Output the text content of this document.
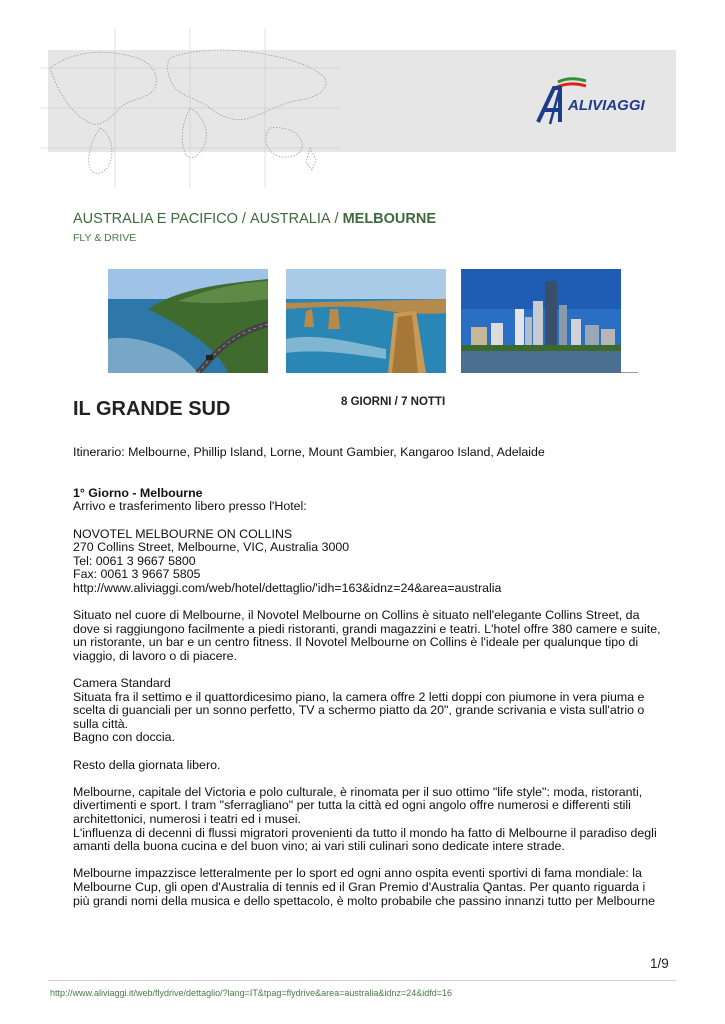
ALIVIAGGI
AUSTRALIA E PACIFICO / AUSTRALIA / MELBOURNE
FLY & DRIVE
IL GRANDE SUD	8 GIORNI / 7 NOTTI

Itinerario: Melbourne, Phillip Island, Lorne, Mount Gambier, Kangaroo Island, Adelaide

1° Giorno - Melbourne

Arrivo e trasferimento libero presso l'Hotel:

NOVOTEL MELBOURNE ON COLLINS
270 Collins Street, Melbourne, VIC, Australia 3000
Tel: 0061 3 9667 5800
Fax: 0061 3 9667 5805

http://www.aliviaggi.com/web/hotel/dettaglio/'idh=163&idnz=24&area=australia

Situato nel cuore di Melbourne, il Novotel Melbourne on Collins è situato nell'elegante Collins Street, da dove si raggiungono facilmente a piedi ristoranti, grandi magazzini e teatri. L'hotel offre 380 camere e suite, un ristorante, un bar e un centro fitness. Il Novotel Melbourne on Collins è l'ideale per qualunque tipo di viaggio, di lavoro o di piacere.

Camera Standard
Situata fra il settimo e il quattordicesimo piano, la camera offre 2 letti doppi con piumone in vera piuma e scelta di guanciali per un sonno perfetto, TV a schermo piatto da 20", grande scrivania e vista sull'atrio o sulla città.

Bagno con doccia.

Resto della giornata libero.

Melbourne, capitale del Victoria e polo culturale, è rinomata per il suo ottimo "life style": moda, ristoranti, divertimenti e sport. I tram "sferragliano" per tutta la città ed ogni angolo offre numerosi e differenti stili architettonici, numerosi i teatri ed i musei.

L'influenza di decenni di flussi migratori provenienti da tutto il mondo ha fatto di Melbourne il paradiso degli amanti della buona cucina e del buon vino; ai vari stili culinari sono dedicate intere strade.

Melbourne impazzisce letteralmente per lo sport ed ogni anno ospita eventi sportivi di fama mondiale: la Melbourne Cup, gli open d'Australia di tennis ed il Gran Premio d'Australia Qantas. Per quanto riguarda i più grandi nomi della musica e dello spettacolo, è molto probabile che passino innanzi tutto per Melbourne

1/9
http://www.aliviaggi.it/web/flydrive/dettaglio/?lang=IT&tpag=flydrive&area=australia&idnz=24&idfd=16
